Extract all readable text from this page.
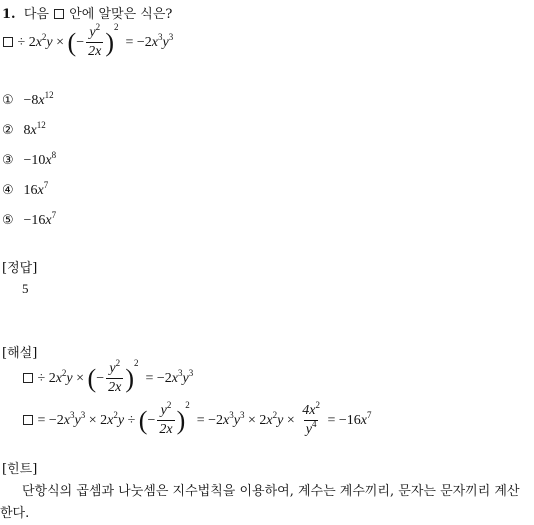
1. 다음 안에 알맞은 식은?
÷ $2x^2y$ × (− $\frac{y^2}{2x} )^2 = -2x^3y^3$
① $-8x^{12}$
② $8x^{12}$
③ $-10x^8$
④ $16x^7$
⑤ $-16x^7$
[정답]
5
[해설]
÷ $2x^2y$ × (− $\frac{y^2}{2x} )^2 = -2x^3y^3$
= $-2x^3y^3 \times 2x^2y$ ÷ (− $\frac{y^2}{2x} )^2 = -2x^3y^3 \times 2x^2y \times \frac{4x^2}{y^4} = -16x^7$
[힌트]
단항식의 곱셈과 나눗셈은 지수법칙을 이용하여, 계수는 계수끼리, 문자는 문자끼리 계산한다.
